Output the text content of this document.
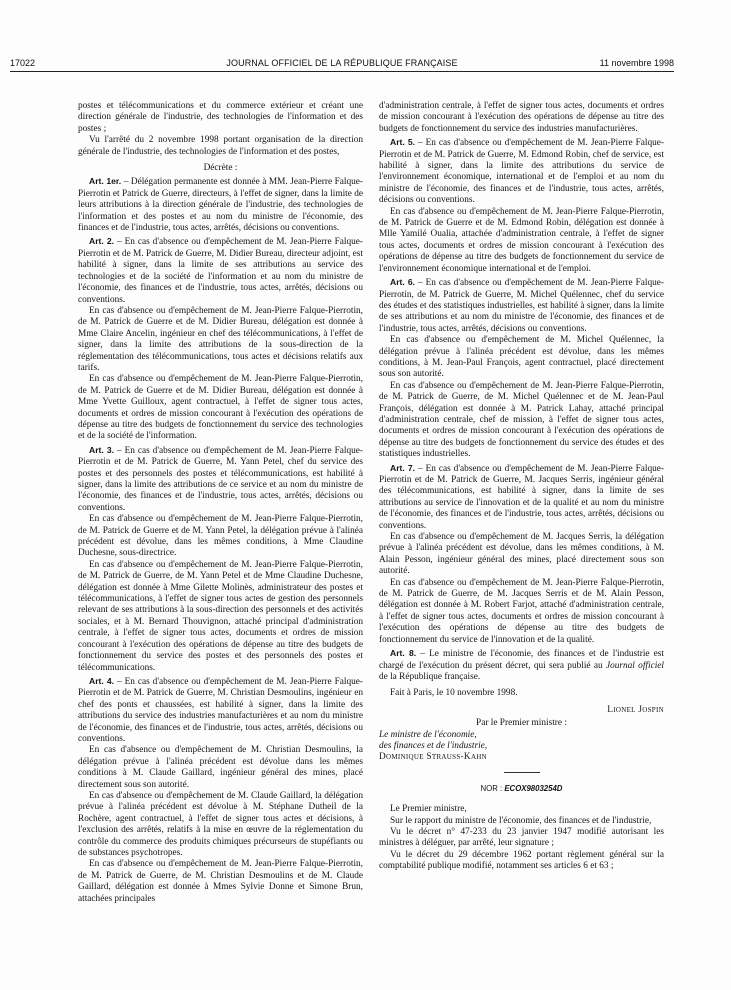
17022	JOURNAL OFFICIEL DE LA RÉPUBLIQUE FRANÇAISE	11 novembre 1998

postes et télécommunications et du commerce extérieur et créant une direction générale de l'industrie, des technologies de l'information et des postes ;

Vu l'arrêté du 2 novembre 1998 portant organisation de la direction générale de l'industrie, des technologies de l'information et des postes,

Décrète :

Art. 1er. – Délégation permanente est donnée à MM. Jean-Pierre Falque-Pierrotin et Patrick de Guerre, directeurs, à l'effet de signer, dans la limite de leurs attributions à la direction générale de l'industrie, des technologies de l'information et des postes et au nom du ministre de l'économie, des finances et de l'industrie, tous actes, arrêtés, décisions ou conventions.

Art. 2. – En cas d'absence ou d'empêchement de M. Jean-Pierre Falque-Pierrotin et de M. Patrick de Guerre, M. Didier Bureau, directeur adjoint, est habilité à signer, dans la limite de ses attributions au service des technologies et de la société de l'information et au nom du ministre de l'économie, des finances et de l'industrie, tous actes, arrêtés, décisions ou conventions.

En cas d'absence ou d'empêchement de M. Jean-Pierre Falque-Pierrotin, de M. Patrick de Guerre et de M. Didier Bureau, délégation est donnée à Mme Claire Ancelin, ingénieur en chef des télécommunications, à l'effet de signer, dans la limite des attributions de la sous-direction de la réglementation des télécommunications, tous actes et décisions relatifs aux tarifs.

En cas d'absence ou d'empêchement de M. Jean-Pierre Falque-Pierrotin, de M. Patrick de Guerre et de M. Didier Bureau, délégation est donnée à Mme Yvette Guilloux, agent contractuel, à l'effet de signer tous actes, documents et ordres de mission concourant à l'exécution des opérations de dépense au titre des budgets de fonctionnement du service des technologies et de la société de l'information.

Art. 3. – En cas d'absence ou d'empêchement de M. Jean-Pierre Falque-Pierrotin et de M. Patrick de Guerre, M. Yann Petel, chef du service des postes et des personnels des postes et télécommunications, est habilité à signer, dans la limite des attributions de ce service et au nom du ministre de l'économie, des finances et de l'industrie, tous actes, arrêtés, décisions ou conventions.

En cas d'absence ou d'empêchement de M. Jean-Pierre Falque-Pierrotin, de M. Patrick de Guerre et de M. Yann Petel, la délégation prévue à l'alinéa précédent est dévolue, dans les mêmes conditions, à Mme Claudine Duchesne, sous-directrice.

En cas d'absence ou d'empêchement de M. Jean-Pierre Falque-Pierrotin, de M. Patrick de Guerre, de M. Yann Petel et de Mme Claudine Duchesne, délégation est donnée à Mme Gilette Molinès, administrateur des postes et télécommunications, à l'effet de signer tous actes de gestion des personnels relevant de ses attributions à la sous-direction des personnels et des activités sociales, et à M. Bernard Thouvignon, attaché principal d'administration centrale, à l'effet de signer tous actes, documents et ordres de mission concourant à l'exécution des opérations de dépense au titre des budgets de fonctionnement du service des postes et des personnels des postes et télécommunications.

Art. 4. – En cas d'absence ou d'empêchement de M. Jean-Pierre Falque-Pierrotin et de M. Patrick de Guerre, M. Christian Desmoulins, ingénieur en chef des ponts et chaussées, est habilité à signer, dans la limite des attributions du service des industries manufacturières et au nom du ministre de l'économie, des finances et de l'industrie, tous actes, arrêtés, décisions ou conventions.

En cas d'absence ou d'empêchement de M. Christian Desmoulins, la délégation prévue à l'alinéa précédent est dévolue dans les mêmes conditions à M. Claude Gaillard, ingénieur général des mines, placé directement sous son autorité.

En cas d'absence ou d'empêchement de M. Claude Gaillard, la délégation prévue à l'alinéa précédent est dévolue à M. Stéphane Dutheil de la Rochère, agent contractuel, à l'effet de signer tous actes et décisions, à l'exclusion des arrêtés, relatifs à la mise en œuvre de la réglementation du contrôle du commerce des produits chimiques précurseurs de stupéfiants ou de substances psychotropes.

En cas d'absence ou d'empêchement de M. Jean-Pierre Falque-Pierrotin, de M. Patrick de Guerre, de M. Christian Desmoulins et de M. Claude Gaillard, délégation est donnée à Mmes Sylvie Donne et Simone Brun, attachées principales

d'administration centrale, à l'effet de signer tous actes, documents et ordres de mission concourant à l'exécution des opérations de dépense au titre des budgets de fonctionnement du service des industries manufacturières.

Art. 5. – En cas d'absence ou d'empêchement de M. Jean-Pierre Falque-Pierrotin et de M. Patrick de Guerre, M. Edmond Robin, chef de service, est habilité à signer, dans la limite des attributions du service de l'environnement économique, international et de l'emploi et au nom du ministre de l'économie, des finances et de l'industrie, tous actes, arrêtés, décisions ou conventions.

En cas d'absence ou d'empêchement de M. Jean-Pierre Falque-Pierrotin, de M. Patrick de Guerre et de M. Edmond Robin, délégation est donnée à Mlle Yamilé Oualia, attachée d'administration centrale, à l'effet de signer tous actes, documents et ordres de mission concourant à l'exécution des opérations de dépense au titre des budgets de fonctionnement du service de l'environnement économique international et de l'emploi.

Art. 6. – En cas d'absence ou d'empêchement de M. Jean-Pierre Falque-Pierrotin, de M. Patrick de Guerre, M. Michel Quélennec, chef du service des études et des statistiques industrielles, est habilité à signer, dans la limite de ses attributions et au nom du ministre de l'économie, des finances et de l'industrie, tous actes, arrêtés, décisions ou conventions.

En cas d'absence ou d'empêchement de M. Michel Quélennec, la délégation prévue à l'alinéa précédent est dévolue, dans les mêmes conditions, à M. Jean-Paul François, agent contractuel, placé directement sous son autorité.

En cas d'absence ou d'empêchement de M. Jean-Pierre Falque-Pierrotin, de M. Patrick de Guerre, de M. Michel Quélennec et de M. Jean-Paul François, délégation est donnée à M. Patrick Lahay, attaché principal d'administration centrale, chef de mission, à l'effet de signer tous actes, documents et ordres de mission concourant à l'exécution des opérations de dépense au titre des budgets de fonctionnement du service des études et des statistiques industrielles.

Art. 7. – En cas d'absence ou d'empêchement de M. Jean-Pierre Falque-Pierrotin et de M. Patrick de Guerre, M. Jacques Serris, ingénieur général des télécommunications, est habilité à signer, dans la limite de ses attributions au service de l'innovation et de la qualité et au nom du ministre de l'économie, des finances et de l'industrie, tous actes, arrêtés, décisions ou conventions.

En cas d'absence ou d'empêchement de M. Jacques Serris, la délégation prévue à l'alinéa précédent est dévolue, dans les mêmes conditions, à M. Alain Pesson, ingénieur général des mines, placé directement sous son autorité.

En cas d'absence ou d'empêchement de M. Jean-Pierre Falque-Pierrotin, de M. Patrick de Guerre, de M. Jacques Serris et de M. Alain Pesson, délégation est donnée à M. Robert Farjot, attaché d'administration centrale, à l'effet de signer tous actes, documents et ordres de mission concourant à l'exécution des opérations de dépense au titre des budgets de fonctionnement du service de l'innovation et de la qualité.

Art. 8. – Le ministre de l'économie, des finances et de l'industrie est chargé de l'exécution du présent décret, qui sera publié au Journal officiel de la République française.

Fait à Paris, le 10 novembre 1998.

Lionel Jospin

Par le Premier ministre :

Le ministre de l'économie,

des finances et de l'industrie,

Dominique Strauss-Kahn

NOR : ECOX9803254D

Le Premier ministre,

Sur le rapport du ministre de l'économie, des finances et de l'industrie,

Vu le décret n° 47-233 du 23 janvier 1947 modifié autorisant les ministres à déléguer, par arrêté, leur signature ;

Vu le décret du 29 décembre 1962 portant règlement général sur la comptabilité publique modifié, notamment ses articles 6 et 63 ;
